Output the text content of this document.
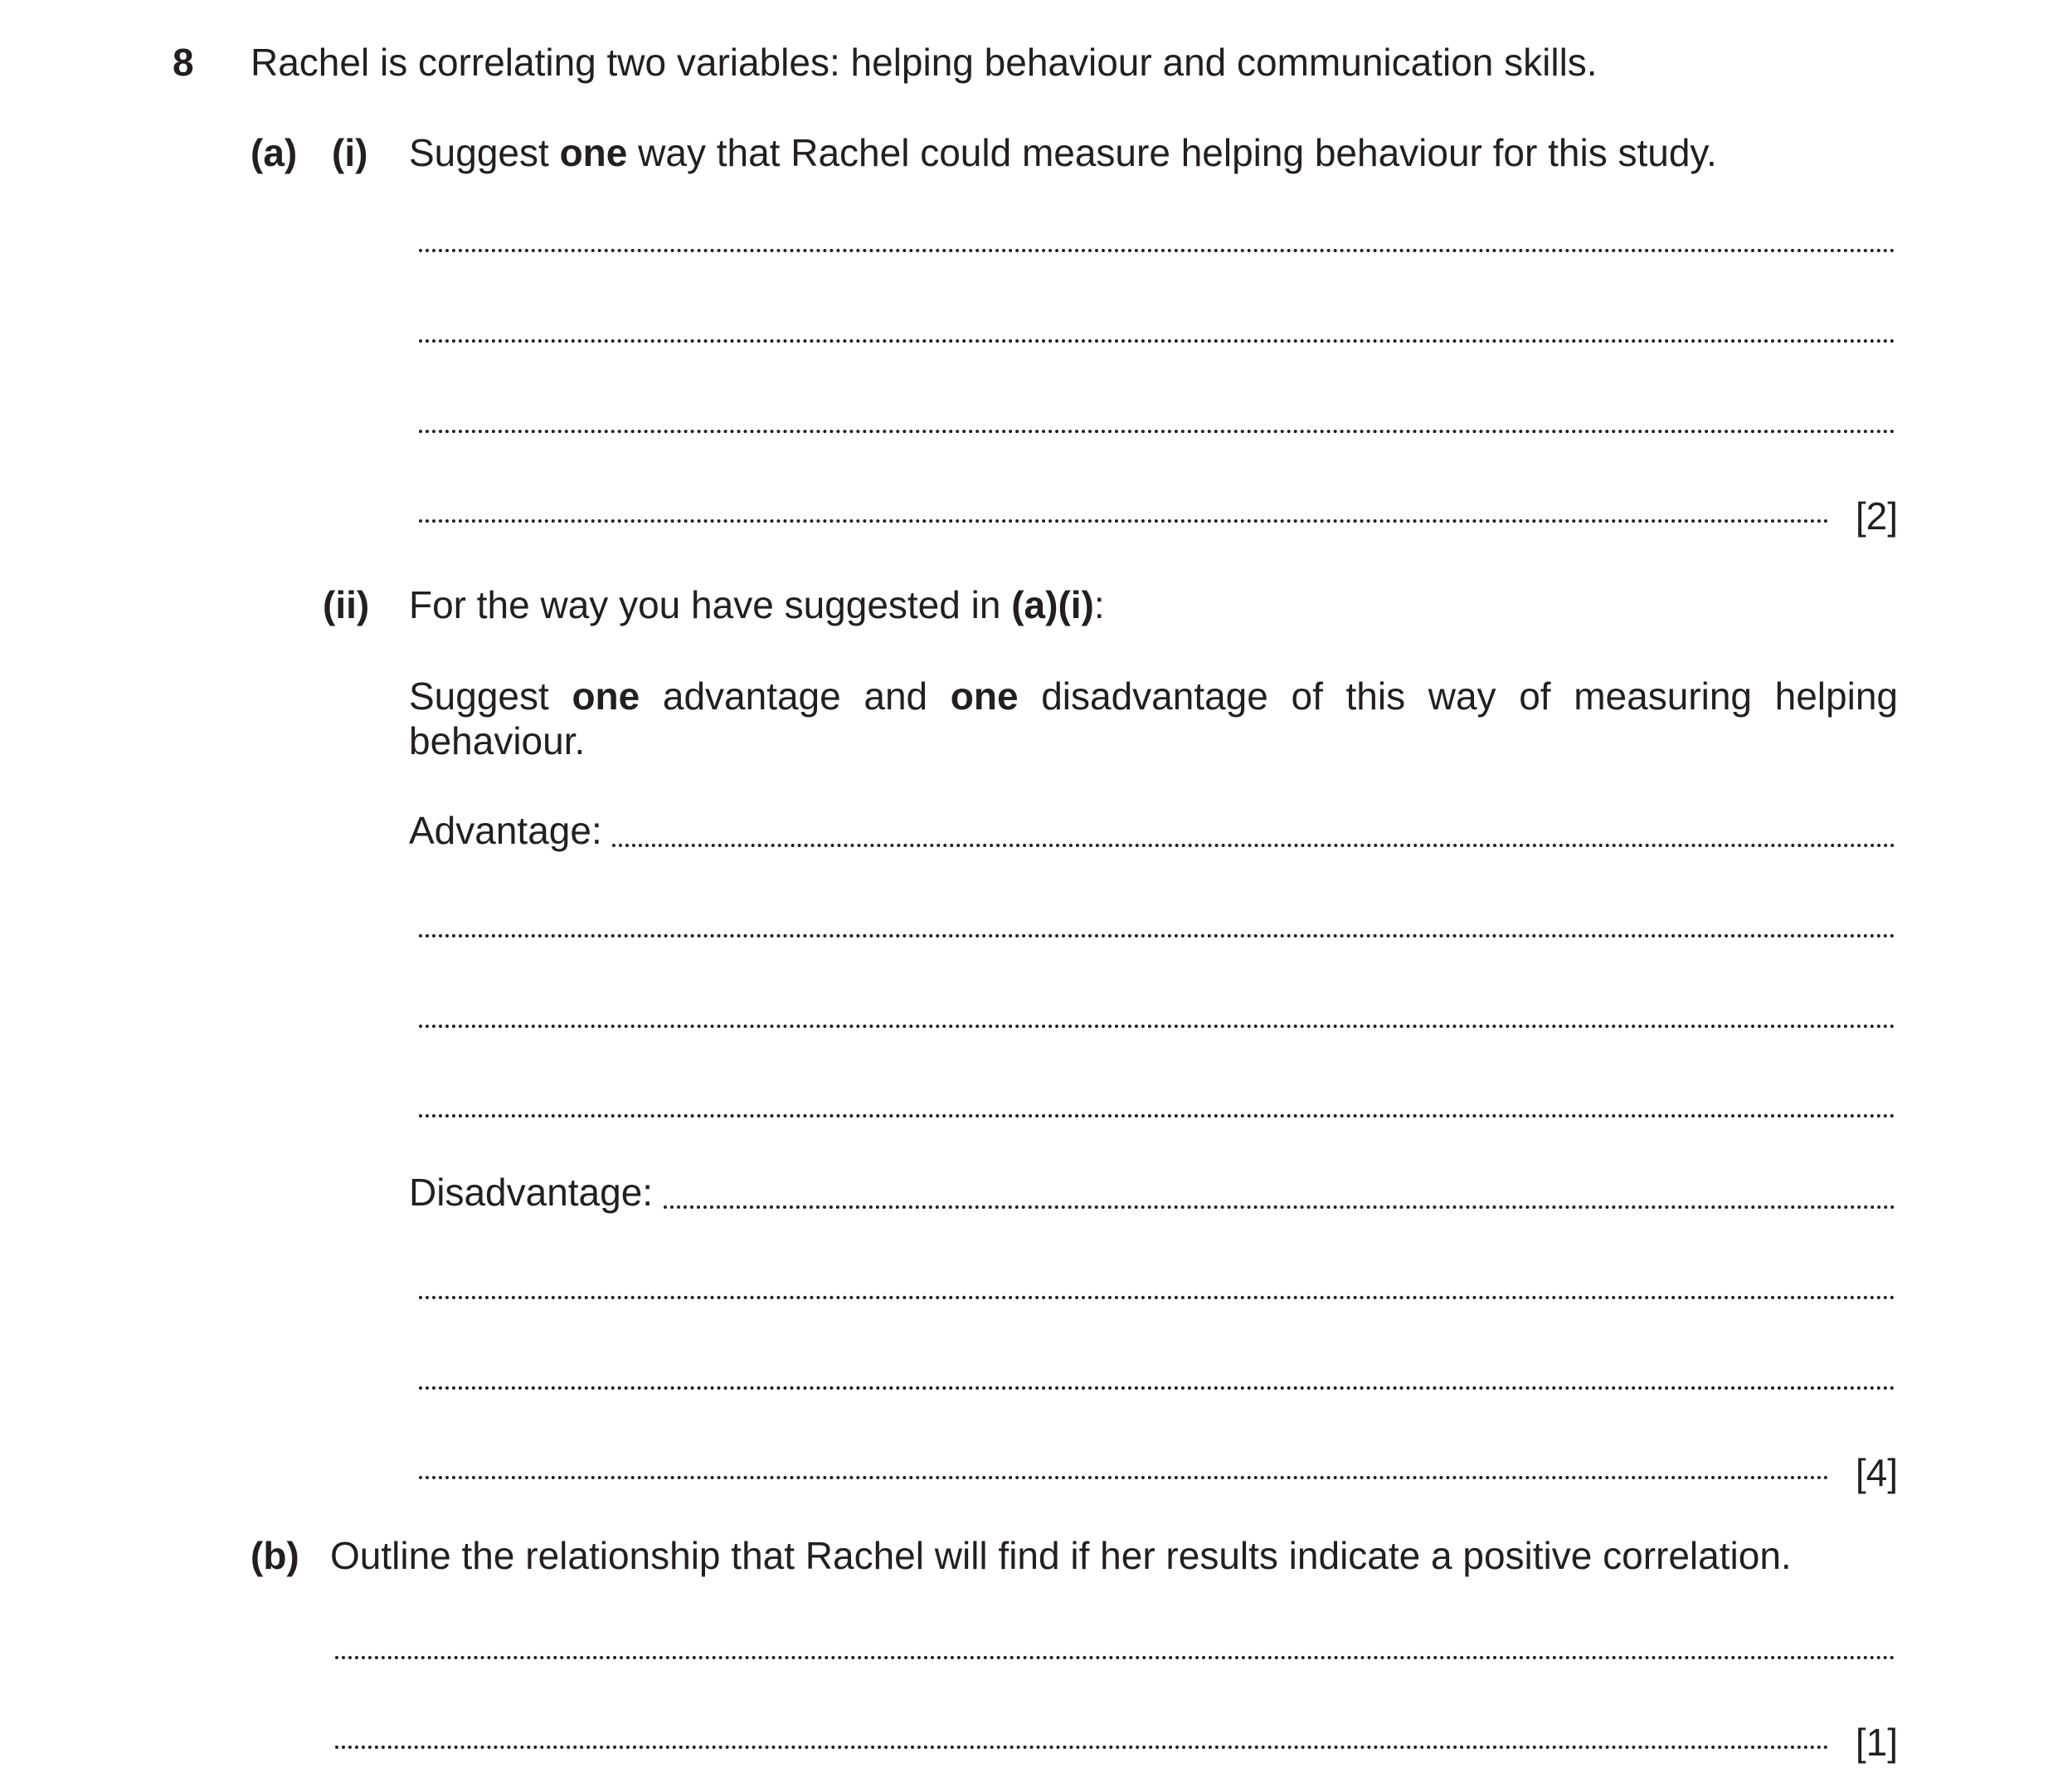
8 Rachel is correlating two variables: helping behaviour and communication skills.
(a) (i) Suggest one way that Rachel could measure helping behaviour for this study.
[2]
(ii) For the way you have suggested in (a)(i):
Suggest one advantage and one disadvantage of this way of measuring helping
behaviour.
Advantage:
Disadvantage:
[4]
(b) Outline the relationship that Rachel will find if her results indicate a positive correlation.
[1]
